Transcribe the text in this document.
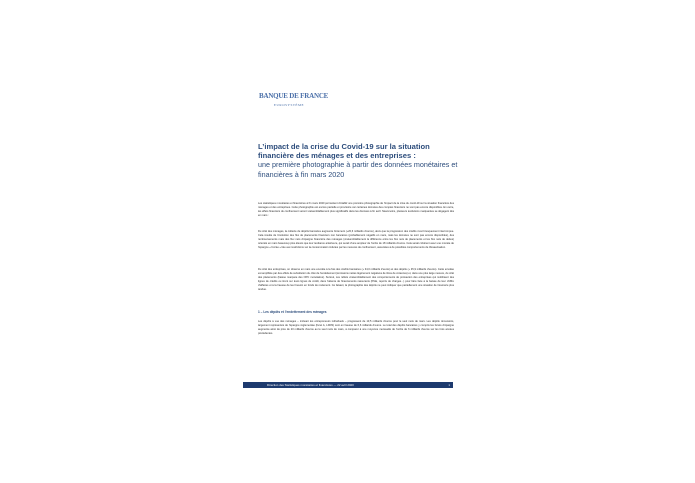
BANQUE DE FRANCE
EUROSYSTÈME
L’impact de la crise du Covid-19 sur la situation financière des ménages et des entreprises :
une première photographie à partir des données monétaires et financières à fin mars 2020
Les statistiques monétaires et financières à fin mars 2020 permettent d’établir une première photographie de l’impact de la crise du covid-19 sur la situation financière des ménages et des entreprises. Cette photographie est encore partielle et provisoire car certaines données des comptes financiers ne sont pas encore disponibles. En outre, les effets financiers du confinement seront vraisemblablement plus significatifs dans les données à fin avril. Néanmoins, plusieurs évolutions marquantes se dégagent dès en mars :
Du côté des ménages, la collecte de dépôts bancaires augmente fortement (+20,6 milliards d’euros), alors que la progression des crédits s’est brusquement interrompue. Cela résulte de l’évolution des flux de placements financiers non bancaires (probablement négatifs en mars, mais les données ne sont pas encore disponibles), des remboursements mais des flux nets d’épargne financière des ménages (vraisemblablement la différence entre les flux nets de placements et les flux nets de dettes) orientés en mars beaucoup plus élevés que leur tendance antérieure, qui serait d’une ampleur de l’ordre de 18 milliards d’euros. Cela serait cohérent avec une montée de l’épargne « forcée » liée aux restrictions sur la consommation induites par les mesures de confinement, associées à de possibles comportements de thésaurisation.
Du côté des entreprises, on observe en mars une envolée à la fois des crédits bancaires (+ 34,0 milliards d’euros) et des dépôts (+ 45,9 milliards d’euros). Cette envolée est amplifiée par des effets de substitution du côté de l’endettement (émissions nettes légèrement négatives de titres de créances) et, dans une plus large mesure, du côté des placements (baisse marquée des OPC monétaires). Surtout, ces reflets vraisemblablement des comportements de précaution des entreprises qui mobilisent des lignes de crédits ou tirent sur leurs lignes de crédit, dans l’attente de financements rassurants (PGE, reports de charges...) pour faire face à la baisse de leur chiffre d’affaires et à la hausse de leur besoin en fonds de roulement. Ce faisant, la photographie des dépôts ne peut indiquer que partiellement une situation de trésorerie plus tendue.
1 – Les dépôts et l’endettement des ménages
Les dépôts à vue des ménages – incluant les entrepreneurs individuels – progressent de 13,5 milliards d’euros pour le seul mois de mars. Les dépôts rémunérés, largement représentés de l’épargne réglementée (livret A, LDDS) sont en hausse de 6,6 milliards d’euros. Le total des dépôts bancaires y compris les livrets d’épargne augmente ainsi de près de 20 milliards d’euros au le seul mois de mars, à comparer à une moyenne mensuelle de l’ordre de 6 milliards d’euros sur les trois années précédentes.
Direction des Statistiques monétaires et financières — 22 avril 2020	1
